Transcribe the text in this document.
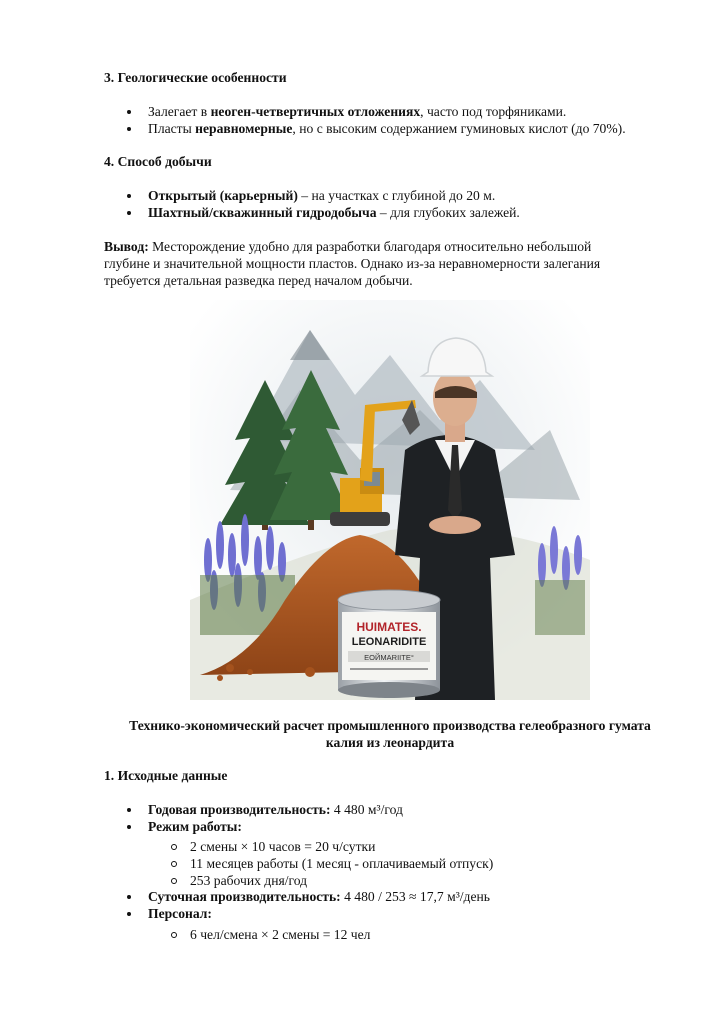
3. Геологические особенности
Залегает в неоген-четвертичных отложениях, часто под торфяниками.
Пласты неравномерные, но с высоким содержанием гуминовых кислот (до 70%).
4. Способ добычи
Открытый (карьерный) – на участках с глубиной до 20 м.
Шахтный/скважинный гидродобыча – для глубоких залежей.
Вывод: Месторождение удобно для разработки благодаря относительно небольшой
глубине и значительной мощности пластов. Однако из-за неравномерности залегания
требуется детальная разведка перед началом добычи.
HUIMATES.
LEONARIDITE
EOЙМАRIITE°
Технико-экономический расчет промышленного производства гелеобразного гумата
калия из леонардита
1. Исходные данные
Годовая производительность: 4 480 м³/год
Режим работы:
2 смены × 10 часов = 20 ч/сутки
11 месяцев работы (1 месяц - оплачиваемый отпуск)
253 рабочих дня/год
Суточная производительность: 4 480 / 253 ≈ 17,7 м³/день
Персонал:
6 чел/смена × 2 смены = 12 чел
